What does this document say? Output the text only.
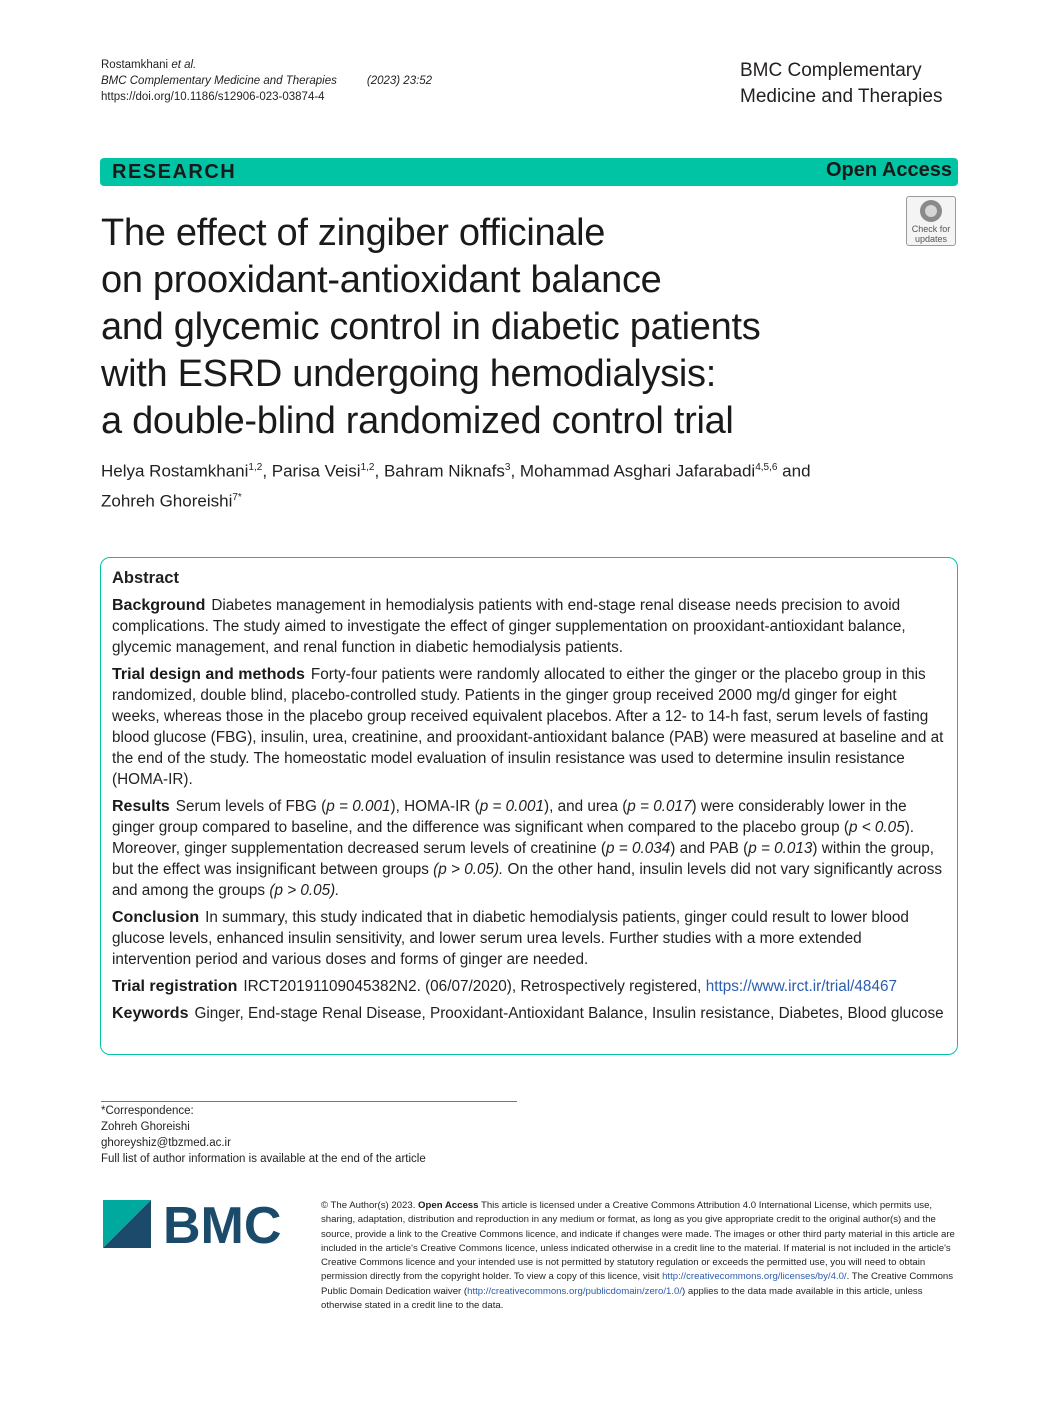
Rostamkhani et al.
BMC Complementary Medicine and Therapies	(2023) 23:52
https://doi.org/10.1186/s12906-023-03874-4
BMC Complementary
Medicine and Therapies
RESEARCH	Open Access
Check for
updates
The effect of zingiber officinale
on prooxidant-antioxidant balance
and glycemic control in diabetic patients
with ESRD undergoing hemodialysis:
a double-blind randomized control trial
Helya Rostamkhani$^{1,2}$, Parisa Veisi$^{1,2}$, Bahram Niknafs$^3$, Mohammad Asghari Jafarabadi$^{4,5,6}$ and
Zohreh Ghoreishi$^{7*}$
Abstract

Background Diabetes management in hemodialysis patients with end-stage renal disease needs precision to avoid complications. The study aimed to investigate the effect of ginger supplementation on prooxidant-antioxidant balance, glycemic management, and renal function in diabetic hemodialysis patients.

Trial design and methods Forty-four patients were randomly allocated to either the ginger or the placebo group in this randomized, double blind, placebo-controlled study. Patients in the ginger group received 2000 mg/d ginger for eight weeks, whereas those in the placebo group received equivalent placebos. After a 12- to 14-h fast, serum levels of fasting blood glucose (FBG), insulin, urea, creatinine, and prooxidant-antioxidant balance (PAB) were measured at baseline and at the end of the study. The homeostatic model evaluation of insulin resistance was used to determine insulin resistance (HOMA-IR).

Results Serum levels of FBG (p = 0.001), HOMA-IR (p = 0.001), and urea (p = 0.017) were considerably lower in the ginger group compared to baseline, and the difference was significant when compared to the placebo group (p < 0.05). Moreover, ginger supplementation decreased serum levels of creatinine (p = 0.034) and PAB (p = 0.013) within the group, but the effect was insignificant between groups (p > 0.05). On the other hand, insulin levels did not vary significantly across and among the groups (p > 0.05).

Conclusion In summary, this study indicated that in diabetic hemodialysis patients, ginger could result to lower blood glucose levels, enhanced insulin sensitivity, and lower serum urea levels. Further studies with a more extended intervention period and various doses and forms of ginger are needed.

Trial registration IRCT20191109045382N2. (06/07/2020), Retrospectively registered, https://www.irct.ir/trial/48467

Keywords Ginger, End-stage Renal Disease, Prooxidant-Antioxidant Balance, Insulin resistance, Diabetes, Blood glucose

*Correspondence:
Zohreh Ghoreishi
ghoreyshiz@tbzmed.ac.ir
Full list of author information is available at the end of the article
BMC	© The Author(s) 2023. Open Access This article is licensed under a Creative Commons Attribution 4.0 International License, which permits use, sharing, adaptation, distribution and reproduction in any medium or format, as long as you give appropriate credit to the original author(s) and the source, provide a link to the Creative Commons licence, and indicate if changes were made. The images or other third party material in this article are included in the article's Creative Commons licence, unless indicated otherwise in a credit line to the material. If material is not included in the article's Creative Commons licence and your intended use is not permitted by statutory regulation or exceeds the permitted use, you will need to obtain permission directly from the copyright holder. To view a copy of this licence, visit http://creativecommons.org/licenses/by/4.0/. The Creative Commons Public Domain Dedication waiver (http://creativecommons.org/publicdomain/zero/1.0/) applies to the data made available in this article, unless otherwise stated in a credit line to the data.
